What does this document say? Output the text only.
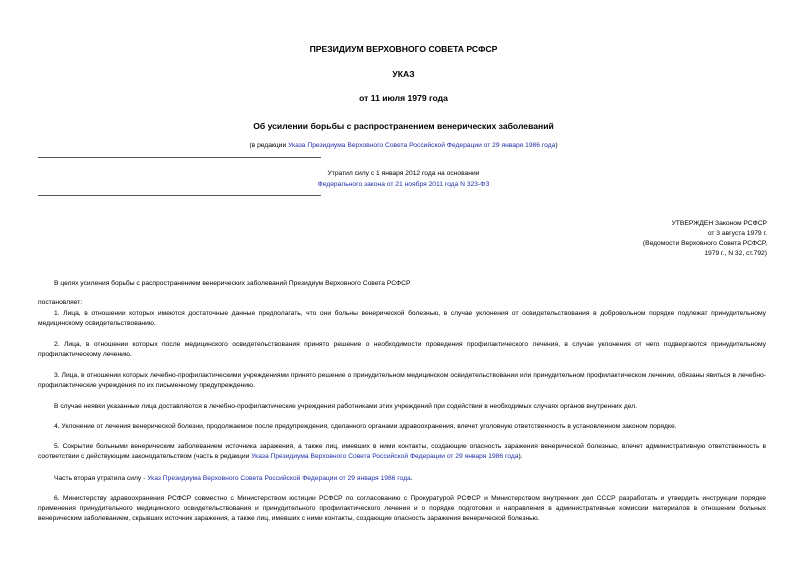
ПРЕЗИДИУМ ВЕРХОВНОГО СОВЕТА РСФСР
УКАЗ
от 11 июля 1979 года
Об усилении борьбы с распространением венерических заболеваний
(в редакции Указа Президиума Верховного Совета Российской Федерации от 29 января 1986 года)
Утратил силу с 1 января 2012 года на основании
Федерального закона от 21 ноября 2011 года N 323-ФЗ
УТВЕРЖДЕН Законом РСФСР
от 3 августа 1979 г.
(Ведомости Верховного Совета РСФСР,
1979 г., N 32, ст.792)
В целях усиления борьбы с распространением венерических заболеваний Президиум Верховного Совета РСФСР
постановляет:
1. Лица, в отношении которых имеются достаточные данные предполагать, что они больны венерической болезнью, в случае уклонения от освидетельствования в добровольном порядке подлежат принудительному медицинскому освидетельствованию.
2. Лица, в отношении которых после медицинского освидетельствования принято решение о необходимости проведения профилактического лечения, в случае уклонения от него подвергаются принудительному профилактическому лечению.
3. Лица, в отношении которых лечебно-профилактическими учреждениями принято решение о принудительном медицинском освидетельствовании или принудительном профилактическом лечении, обязаны явиться в лечебно-профилактические учреждения по их письменному предупреждению.
В случае неявки указанные лица доставляются в лечебно-профилактические учреждения работниками этих учреждений при содействии в необходимых случаях органов внутренних дел.
4. Уклонение от лечения венерической болезни, продолжаемое после предупреждения, сделанного органами здравоохранения, влечет уголовную ответственность в установленном законом порядке.
5. Сокрытие больными венерическим заболеванием источника заражения, а также лиц, имевших в ними контакты, создающие опасность заражения венерической болезнью, влечет административную ответственность в соответствии с действующим законодательством (часть в редакции Указа Президиума Верховного Совета Российской Федерации от 29 января 1986 года).
Часть вторая утратила силу - Указ Президиума Верховного Совета Российской Федерации от 29 января 1986 года.
6. Министерству здравоохранения РСФСР совместно с Министерством юстиции РСФСР по согласованию с Прокуратурой РСФСР и Министерством внутренних дел СССР разработать и утвердить инструкции порядке применения принудительного медицинского освидетельствования и принудительного профилактического лечения и о порядке подготовки и направления в административные комиссии материалов в отношении больных венерическим заболеванием, скрывших источник заражения, а также лиц, имевших с ними контакты, создающие опасность заражения венерической болезнью.
